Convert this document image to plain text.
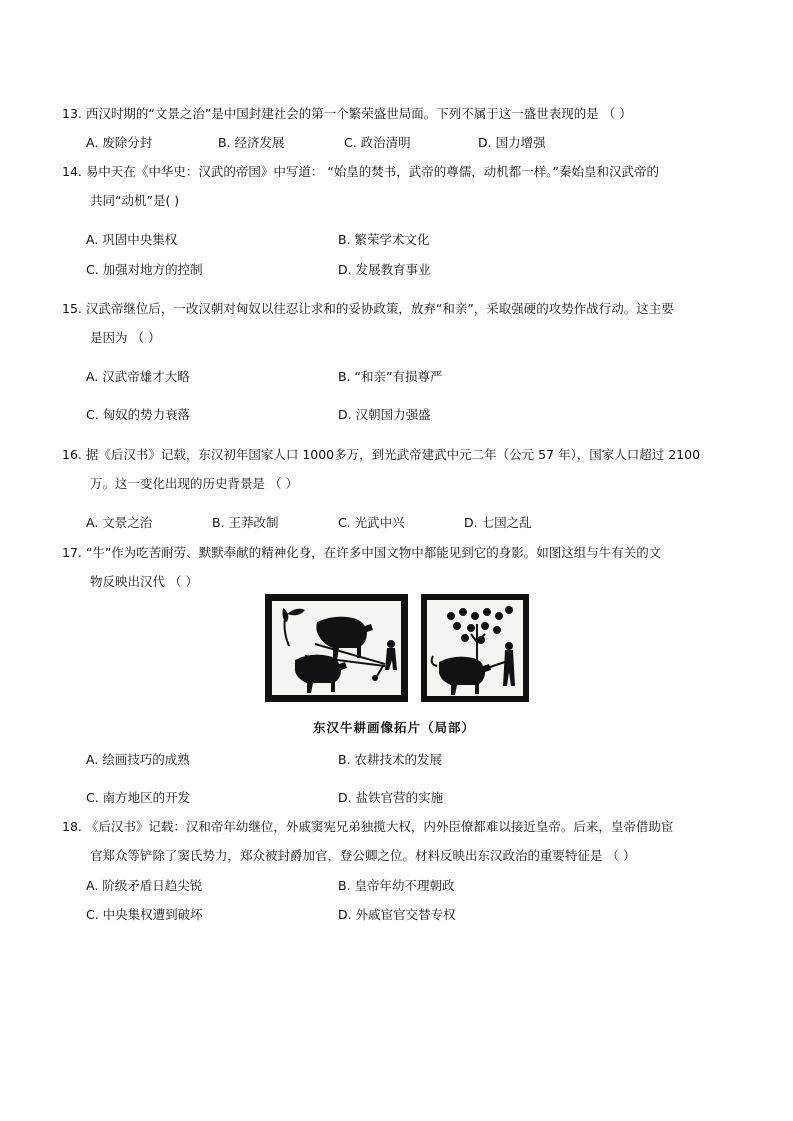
13. 西汉时期的“文景之治”是中国封建社会的第一个繁荣盛世局面。下列不属于这一盛世表现的是 （ ）
A. 废除分封	B. 经济发展	C. 政治清明	D. 国力增强
14. 易中天在《中华史：汉武的帝国》中写道： “始皇的焚书，武帝的尊儒，动机都一样。”秦始皇和汉武帝的
共同“动机”是( )
A. 巩固中央集权	B. 繁荣学术文化
C. 加强对地方的控制	D. 发展教育事业
15. 汉武帝继位后，一改汉朝对匈奴以往忍让求和的妥协政策，放弃“和亲”，采取强硬的攻势作战行动。这主要
是因为 （ ）
A. 汉武帝雄才大略	B. “和亲”有损尊严
C. 匈奴的势力衰落	D. 汉朝国力强盛
16. 据《后汉书》记载，东汉初年国家人口 1000多万，到光武帝建武中元二年（公元 57 年），国家人口超过 2100
万。这一变化出现的历史背景是 （ ）
A. 文景之治	B. 王莽改制	C. 光武中兴	D. 七国之乱
17. “牛”作为吃苦耐劳、默默奉献的精神化身，在许多中国文物中都能见到它的身影。如图这组与牛有关的文
物反映出汉代 （ ）
东汉牛耕画像拓片（局部）
A. 绘画技巧的成熟	B. 农耕技术的发展
C. 南方地区的开发	D. 盐铁官营的实施
18. 《后汉书》记载：汉和帝年幼继位，外戚窦宪兄弟独揽大权，内外臣僚都难以接近皇帝。后来，皇帝借助宦
官郑众等铲除了窦氏势力，郑众被封爵加官，登公卿之位。材料反映出东汉政治的重要特征是 （ ）
A. 阶级矛盾日趋尖锐	B. 皇帝年幼不理朝政
C. 中央集权遭到破坏	D. 外戚宦官交替专权
